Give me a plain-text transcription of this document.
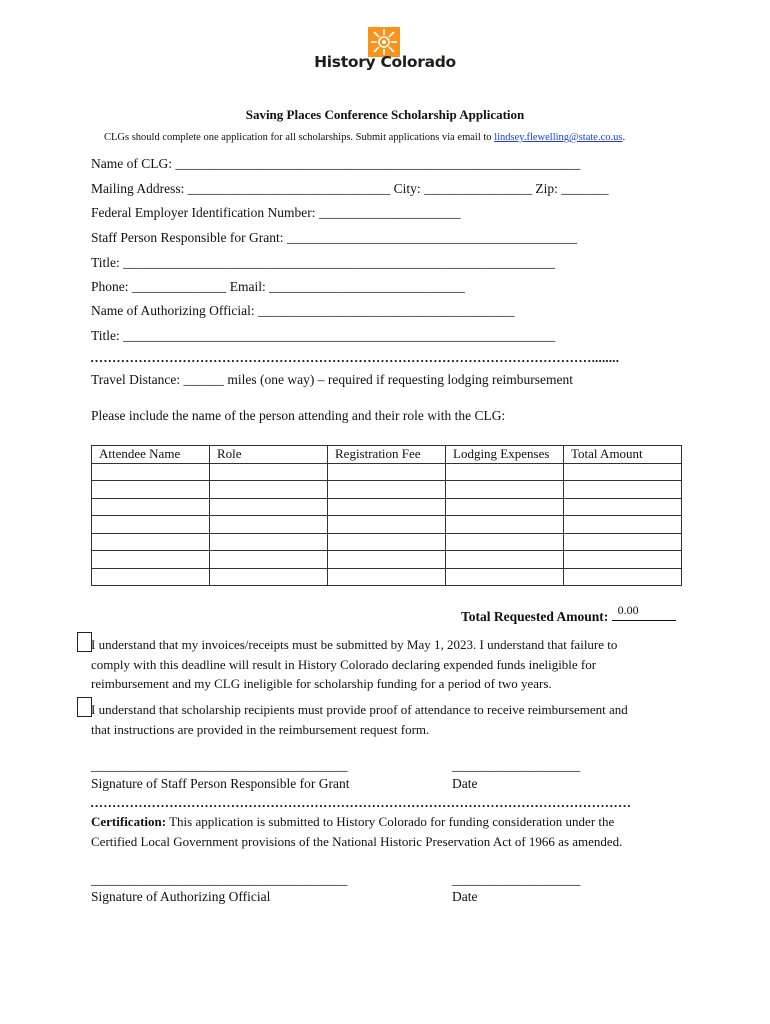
History Colorado
Saving Places Conference Scholarship Application
CLGs should complete one application for all scholarships. Submit applications via email to lindsey.flewelling@state.co.us.
Name of CLG: ____________________________________________________________
Mailing Address: ______________________________ City: ________________ Zip: _______
Federal Employer Identification Number: _____________________
Staff Person Responsible for Grant: ___________________________________________
Title: ________________________________________________________________
Phone: ______________ Email: _____________________________
Name of Authorizing Official: ______________________________________
Title: ________________________________________________________________
……………………………………………………………………………………………………........
Travel Distance: ______ miles (one way) – required if requesting lodging reimbursement
Please include the name of the person attending and their role with the CLG:
Attendee Name	Role	Registration Fee	Lodging Expenses	Total Amount

Total Requested Amount: 0.00
I understand that my invoices/receipts must be submitted by May 1, 2023. I understand that failure to
comply with this deadline will result in History Colorado declaring expended funds ineligible for
reimbursement and my CLG ineligible for scholarship funding for a period of two years.
I understand that scholarship recipients must provide proof of attendance to receive reimbursement and
that instructions are provided in the reimbursement request form.
______________________________________	___________________
Signature of Staff Person Responsible for Grant	Date
……………………………………………………………………………………………………………
Certification: This application is submitted to History Colorado for funding consideration under the
Certified Local Government provisions of the National Historic Preservation Act of 1966 as amended.
______________________________________	___________________
Signature of Authorizing Official	Date
